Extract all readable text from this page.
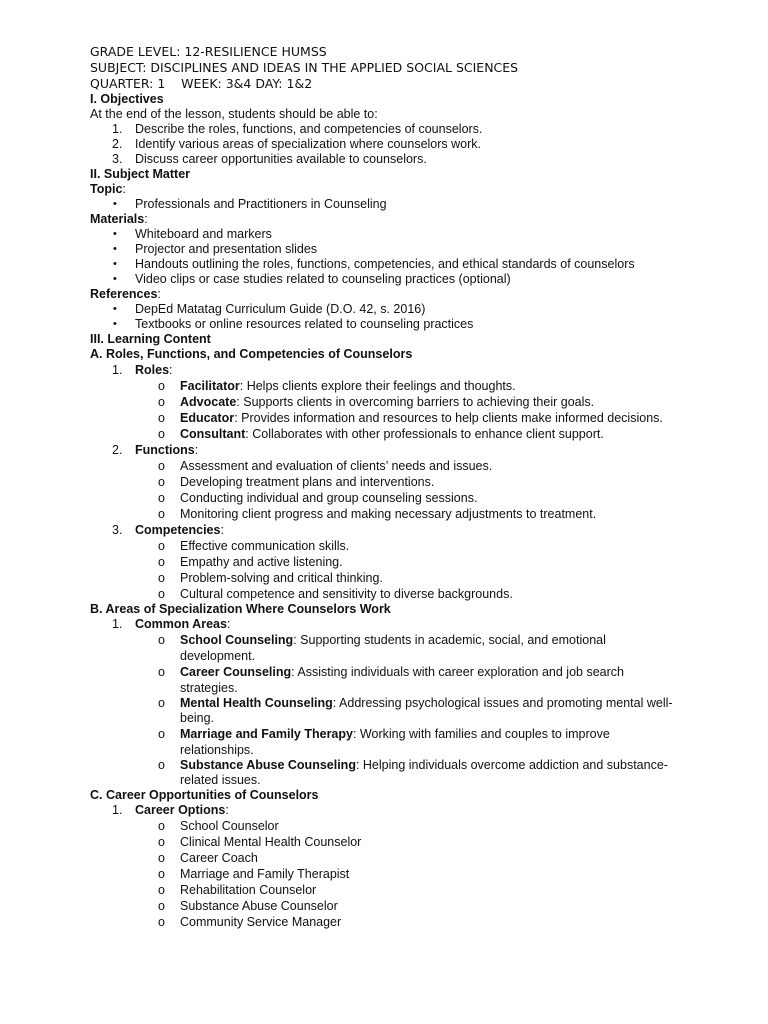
GRADE LEVEL: 12-RESILIENCE HUMSS
SUBJECT: DISCIPLINES AND IDEAS IN THE APPLIED SOCIAL SCIENCES
QUARTER: 1    WEEK: 3&4 DAY: 1&2
I. Objectives
At the end of the lesson, students should be able to:
1. Describe the roles, functions, and competencies of counselors.
2. Identify various areas of specialization where counselors work.
3. Discuss career opportunities available to counselors.
II. Subject Matter
Topic:
• Professionals and Practitioners in Counseling
Materials:
• Whiteboard and markers
• Projector and presentation slides
• Handouts outlining the roles, functions, competencies, and ethical standards of counselors
• Video clips or case studies related to counseling practices (optional)
References:
• DepEd Matatag Curriculum Guide (D.O. 42, s. 2016)
• Textbooks or online resources related to counseling practices
III. Learning Content
A. Roles, Functions, and Competencies of Counselors
1. Roles:
o Facilitator: Helps clients explore their feelings and thoughts.
o Advocate: Supports clients in overcoming barriers to achieving their goals.
o Educator: Provides information and resources to help clients make informed decisions.
o Consultant: Collaborates with other professionals to enhance client support.
2. Functions:
o Assessment and evaluation of clients’ needs and issues.
o Developing treatment plans and interventions.
o Conducting individual and group counseling sessions.
o Monitoring client progress and making necessary adjustments to treatment.
3. Competencies:
o Effective communication skills.
o Empathy and active listening.
o Problem-solving and critical thinking.
o Cultural competence and sensitivity to diverse backgrounds.
B. Areas of Specialization Where Counselors Work
1. Common Areas:
o School Counseling: Supporting students in academic, social, and emotional
development.
o Career Counseling: Assisting individuals with career exploration and job search
strategies.
o Mental Health Counseling: Addressing psychological issues and promoting mental well-
being.
o Marriage and Family Therapy: Working with families and couples to improve
relationships.
o Substance Abuse Counseling: Helping individuals overcome addiction and substance-
related issues.
C. Career Opportunities of Counselors
1. Career Options:
o School Counselor
o Clinical Mental Health Counselor
o Career Coach
o Marriage and Family Therapist
o Rehabilitation Counselor
o Substance Abuse Counselor
o Community Service Manager
